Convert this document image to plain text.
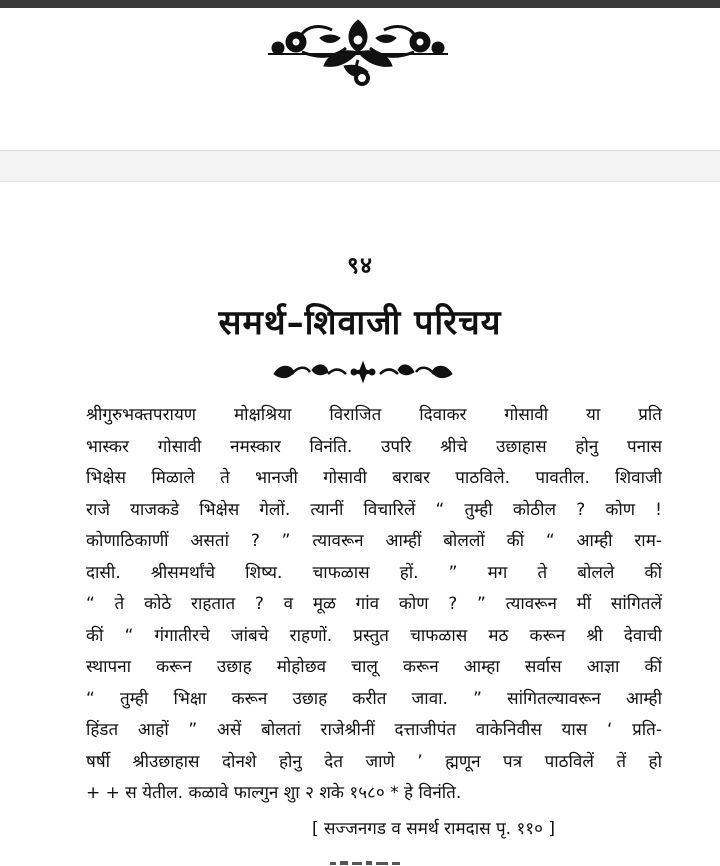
९४
समर्थ–शिवाजी परिचय
श्रीगुरुभक्तपरायण मोक्षश्रिया विराजित दिवाकर गोसावी या प्रति
भास्कर गोसावी नमस्कार विनंति. उपरि श्रीचे उछाहास होनु पनास
भिक्षेस मिळाले ते भानजी गोसावी बराबर पाठविले. पावतील. शिवाजी
राजे याजकडे भिक्षेस गेलों. त्यानीं विचारिलें “ तुम्ही कोठील ? कोण !
कोणाठिकाणीं असतां ? ” त्यावरून आम्हीं बोललों कीं “ आम्ही राम-
दासी. श्रीसमर्थांचे शिष्य. चाफळास हों. ” मग ते बोलले कीं
“ ते कोठे राहतात ? व मूळ गांव कोण ? ” त्यावरून मीं सांगितलें
कीं “ गंगातीरचे जांबचे राहणों. प्रस्तुत चाफळास मठ करून श्री देवाची
स्थापना करून उछाह मोहोछव चालू करून आम्हा सर्वास आज्ञा कीं
“ तुम्ही भिक्षा करून उछाह करीत जावा. ” सांगितल्यावरून आम्ही
हिंडत आहों ” असें बोलतां राजेश्रीनीं दत्ताजीपंत वाकेनिवीस यास ‘ प्रति-
षर्षी श्रीउछाहास दोनशे होनु देत जाणे ’ ह्मणून पत्र पाठविलें तें हो
+ + स येतील. कळावे फाल्गुन शुा २ शके १५८० * हे विनंति.
[ सज्जनगड व समर्थ रामदास पृ. ११० ]
